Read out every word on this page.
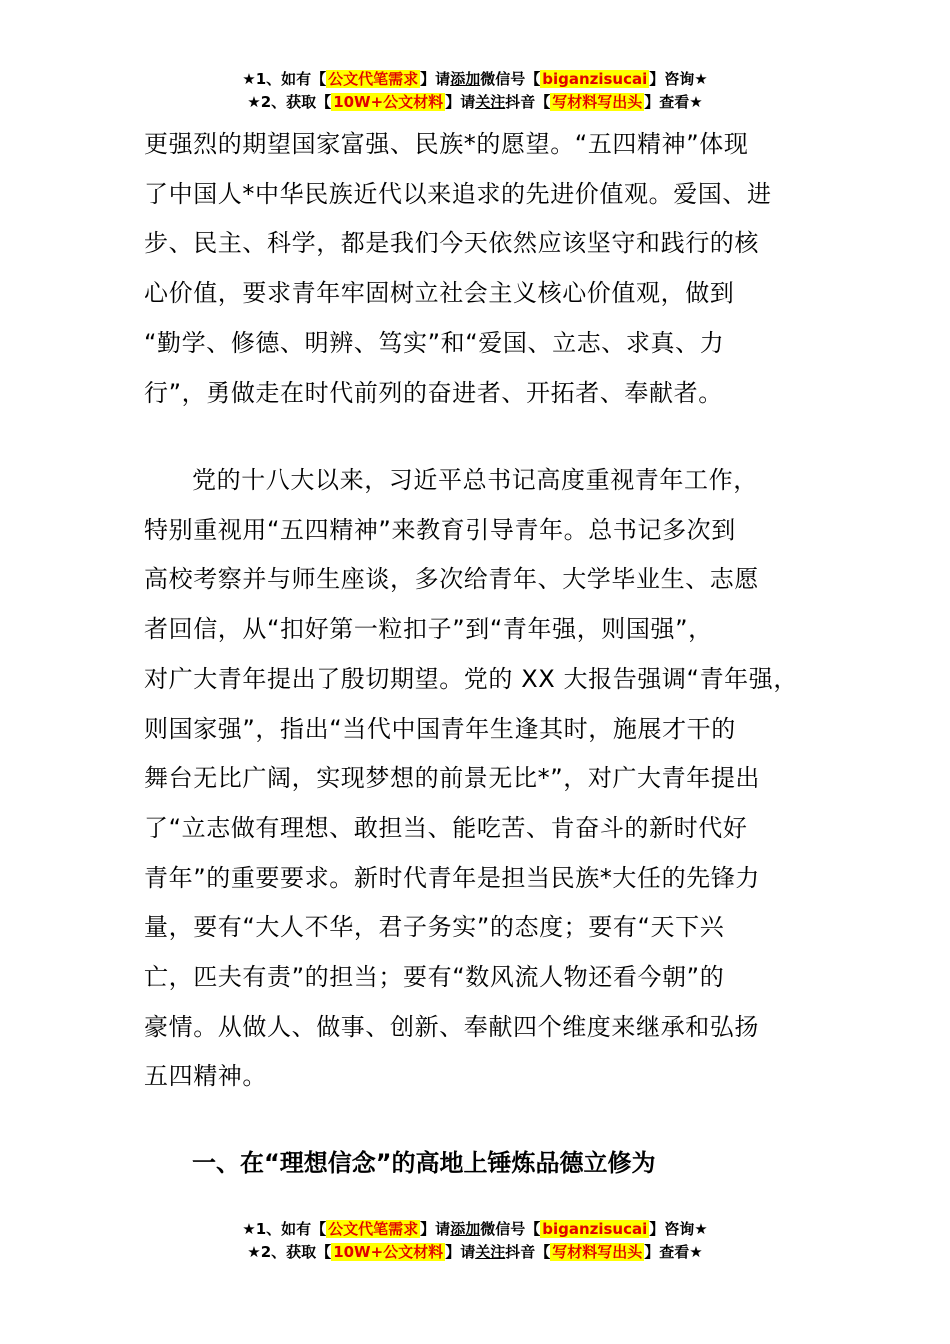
★1、如有【 公文代笔需求 】请添加微信号【 biganzisucai 】咨询★
★2、获取【 10W+公文材料 】请关注抖音【 写材料写出头 】查看★

更强烈的期望国家富强、民族*的愿望。“五四精神”体现

了中国人*中华民族近代以来追求的先进价值观。爱国、进

步、民主、科学，都是我们今天依然应该坚守和践行的核

心价值，要求青年牢固树立社会主义核心价值观，做到

“勤学、修德、明辨、笃实”和“爱国、立志、求真、力

行”，勇做走在时代前列的奋进者、开拓者、奉献者。

党的十八大以来，习近平总书记高度重视青年工作，

特别重视用“五四精神”来教育引导青年。总书记多次到

高校考察并与师生座谈，多次给青年、大学毕业生、志愿

者回信，从“扣好第一粒扣子”到“青年强，则国强”，

对广大青年提出了殷切期望。党的 XX 大报告强调“青年强，

则国家强”，指出“当代中国青年生逢其时，施展才干的

舞台无比广阔，实现梦想的前景无比*”，对广大青年提出

了“立志做有理想、敢担当、能吃苦、肯奋斗的新时代好

青年”的重要要求。新时代青年是担当民族*大任的先锋力

量，要有“大人不华，君子务实”的态度；要有“天下兴

亡，匹夫有责”的担当；要有“数风流人物还看今朝”的

豪情。从做人、做事、创新、奉献四个维度来继承和弘扬

五四精神。

一、在“理想信念”的高地上锤炼品德立修为
★1、如有【 公文代笔需求 】请添加微信号【 biganzisucai 】咨询★
★2、获取【 10W+公文材料 】请关注抖音【 写材料写出头 】查看★
